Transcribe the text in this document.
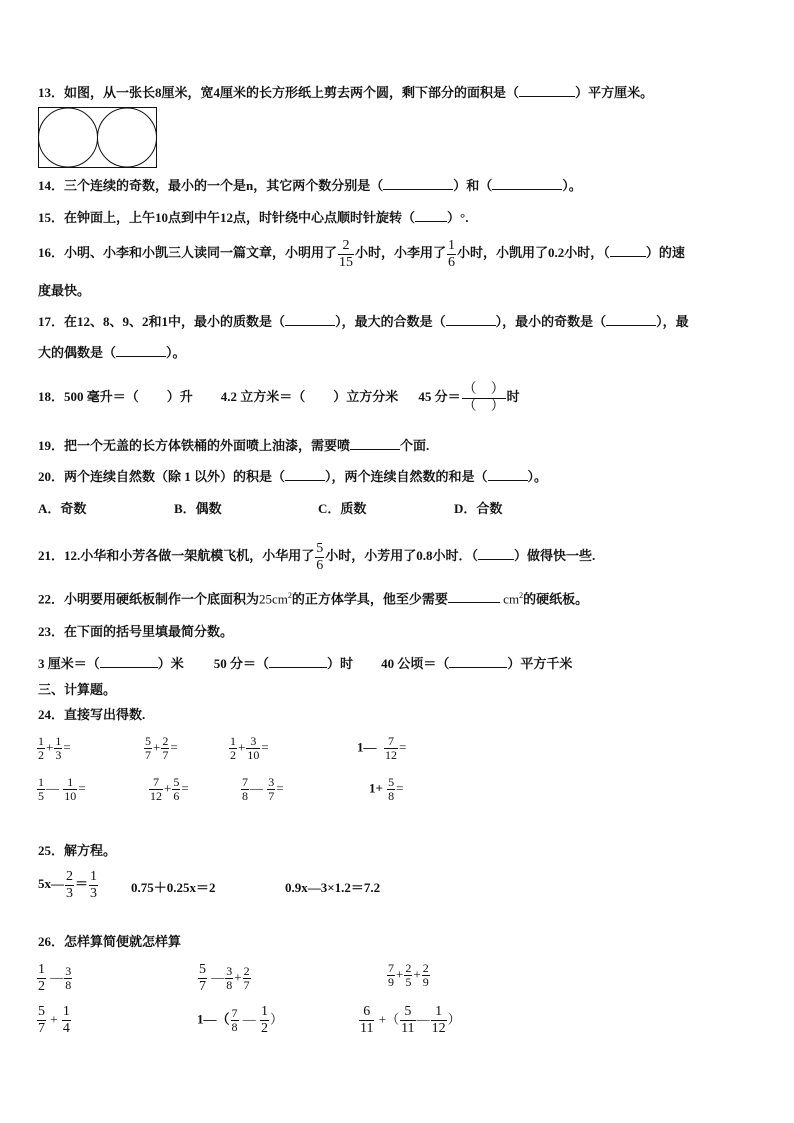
13．如图，从一张长8厘米，宽4厘米的长方形纸上剪去两个圆，剩下部分的面积是（	）平方厘米。
14．三个连续的奇数，最小的一个是n，其它两个数分别是（	）和（	）。
15．在钟面上，上午10点到中午12点，时针绕中心点顺时针旋转（ ）°.
16．小明、小李和小凯三人读同一篇文章，小明用了 $\frac{2}{15}$ 小时，小李用了 $\frac{1}{6}$ 小时，小凯用了0.2小时，（	）的速
度最快。
17．在12、8、9、2和1中，最小的质数是（	），最大的合数是（	），最小的奇数是（	），最
大的偶数是（	）。
18．500 毫升＝（ ）升 4.2 立方米＝（ ）立方分米 45 分＝ （　）
（　）
时
19．把一个无盖的长方体铁桶的外面喷上油漆，需要喷	个面.
20．两个连续自然数（除 1 以外）的积是（	），两个连续自然数的和是（	）。
A．奇数	B．偶数	C．质数	D．合数
21．12.小华和小芳各做一架航模飞机，小华用了 $\frac{5}{6}$ 小时，小芳用了0.8小时．（	）做得快一些.
22．小明要用硬纸板制作一个底面积为$25cm^2$的正方体学具，他至少需要	$cm^2$的硬纸板。
23．在下面的括号里填最简分数。
3 厘米＝（	）米 50 分＝（	）时 40 公顷＝（	）平方千米
三、计算题。
24．直接写出得数.
$\frac{1}{2} + \frac{1}{3}$ =	$\frac{5}{7} + \frac{2}{7}$ =	$\frac{1}{2} + \frac{3}{10}$ =	1— $\frac{7}{12}$ =
$\frac{1}{5}$ — $\frac{1}{10}$ =	$\frac{7}{12} + \frac{5}{6}$ =	$\frac{7}{8}$ — $\frac{3}{7}$ =	$1+ \frac{5}{8}$ =
25．解方程。
5x— $\frac{2}{3} = \frac{1}{3}$	0.75＋0.25x＝2	0.9x—3×1.2＝7.2
26．怎样算简便就怎样算
$\frac{1}{2}$ — $\frac{3}{8}$	$\frac{5}{7}$ — $\frac{3}{8} + \frac{2}{7}$	$\frac{7}{9} + \frac{2}{5} + \frac{2}{9}$
$\frac{5}{7} + \frac{1}{4}$	1—（ $\frac{7}{8}$ — $\frac{1}{2}$ ）	$\frac{6}{11}$ +（ $\frac{5}{11}$ — $\frac{1}{12}$ ）
